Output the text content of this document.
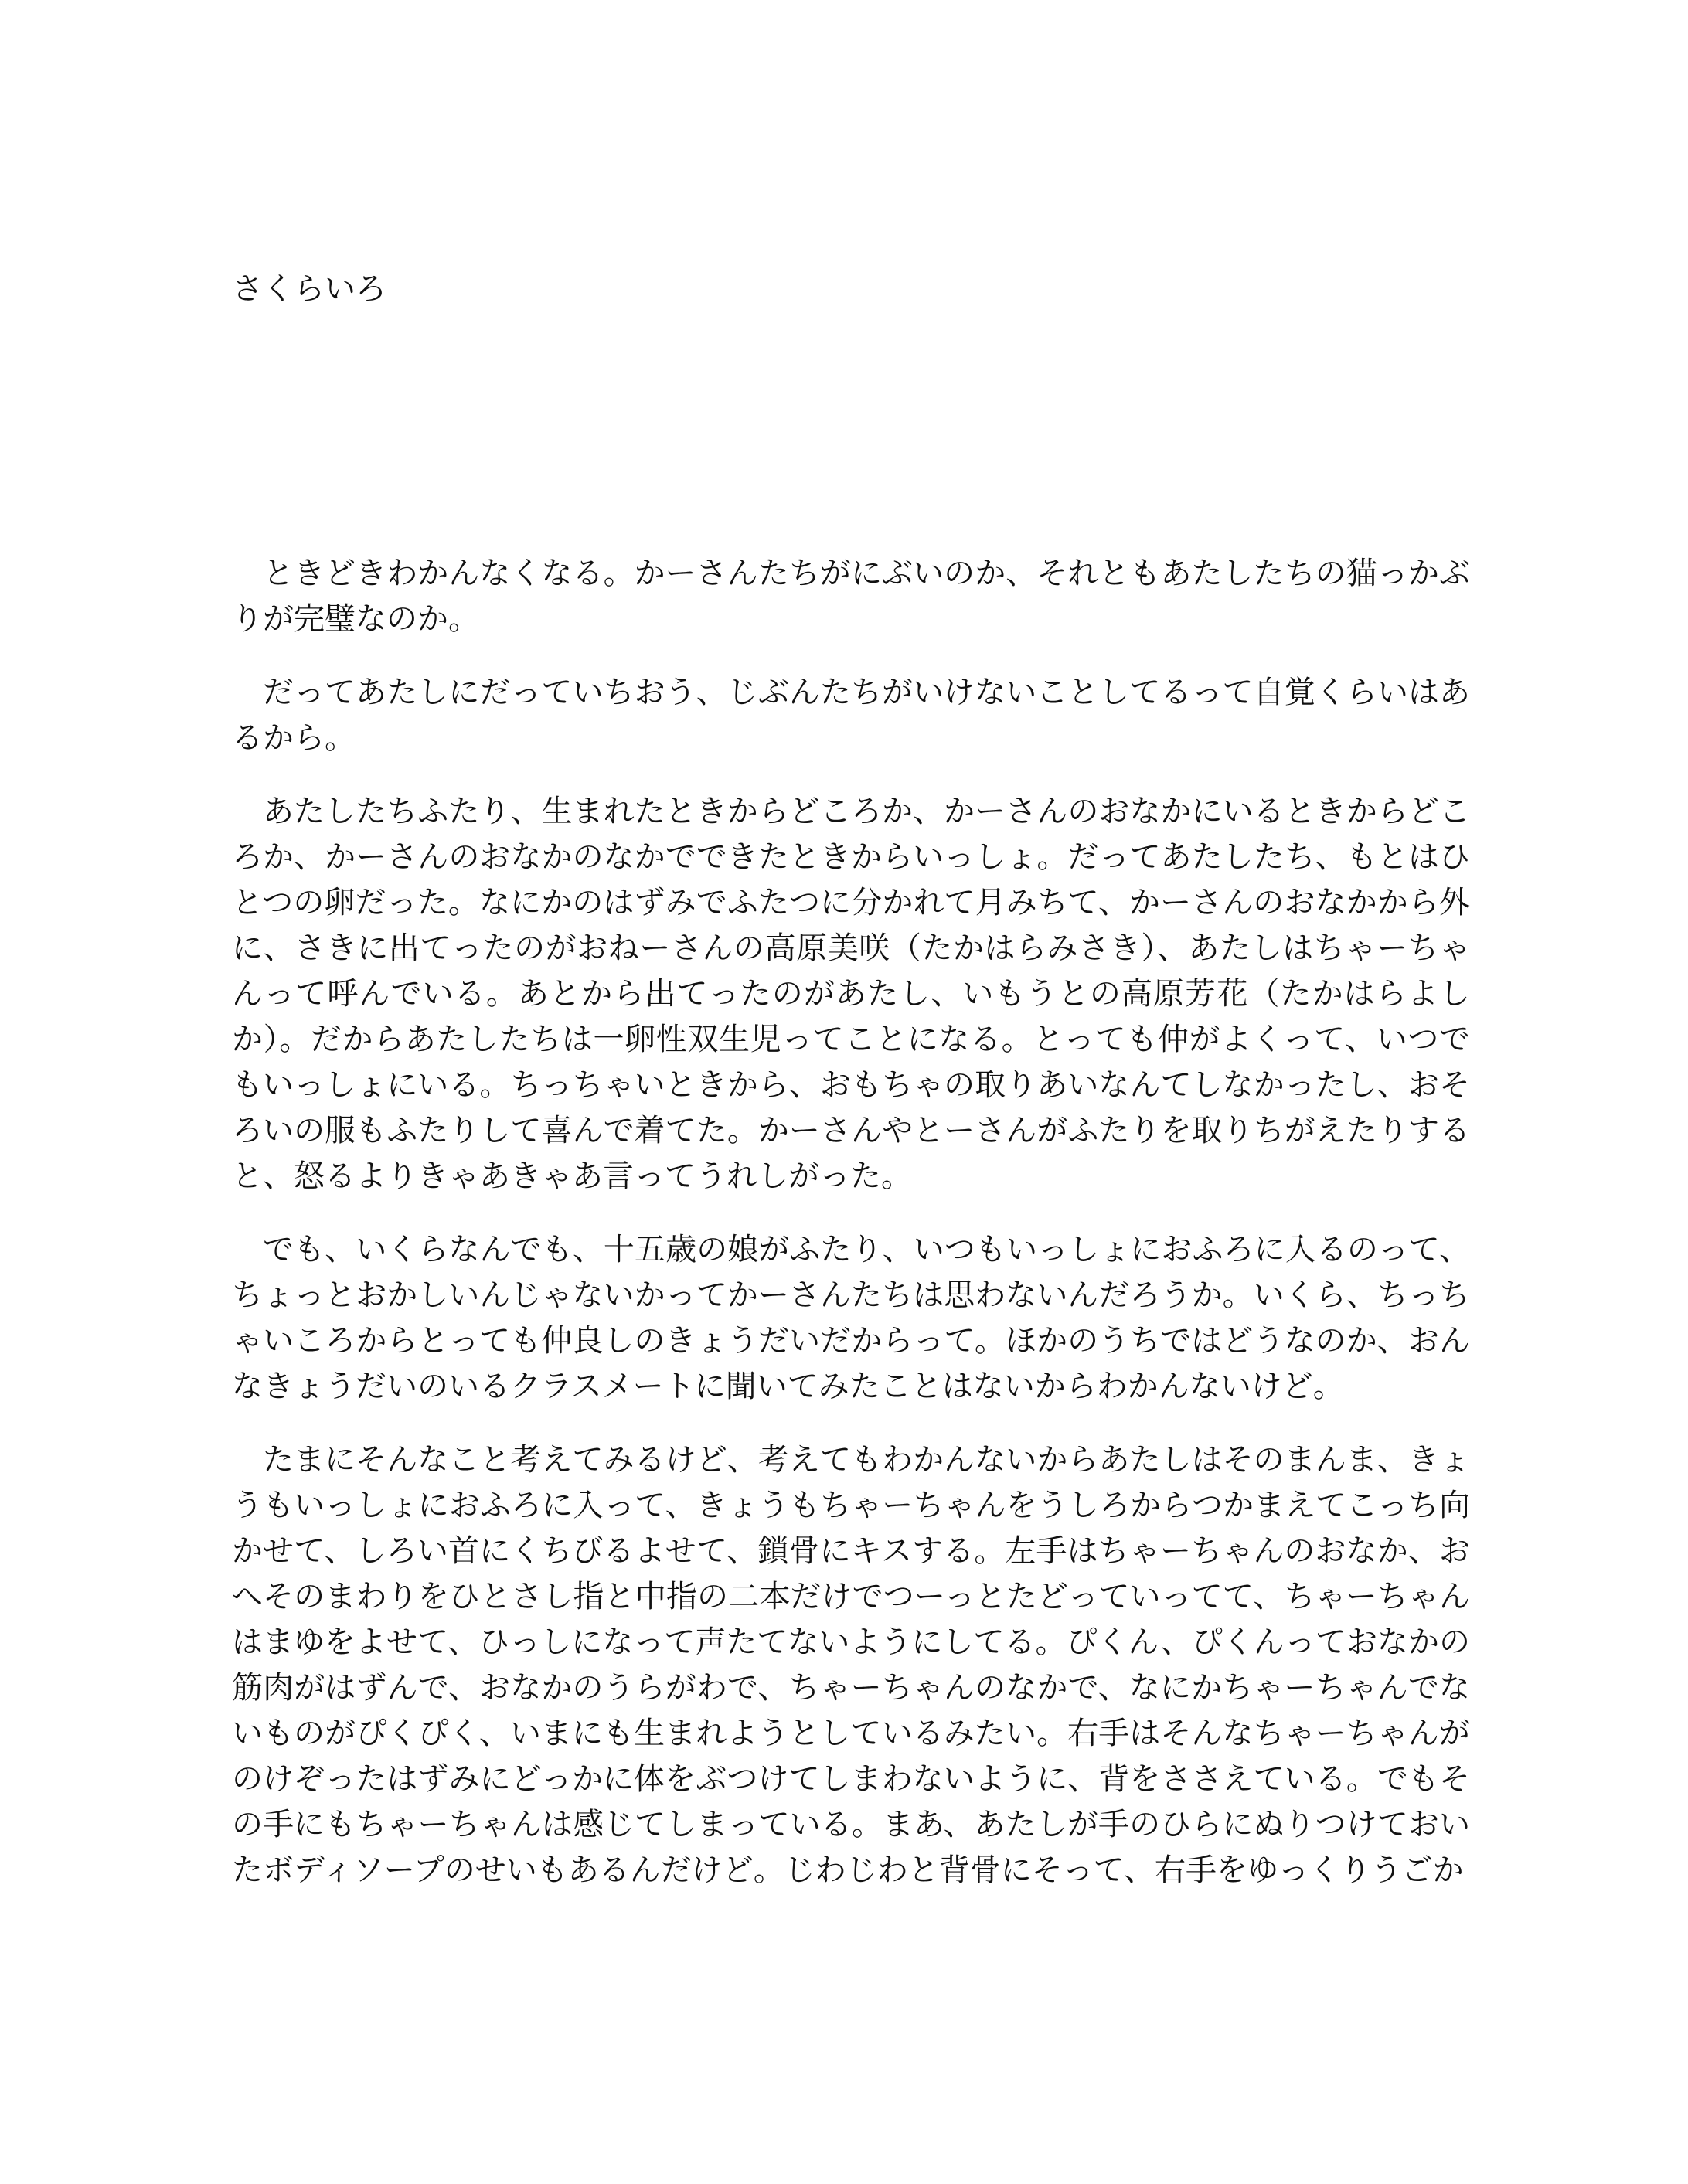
さくらいろ

ときどきわかんなくなる。かーさんたちがにぶいのか、それともあたしたちの猫っかぶりが完璧なのか。

だってあたしにだっていちおう、じぶんたちがいけないことしてるって自覚くらいはあるから。

あたしたちふたり、生まれたときからどころか、かーさんのおなかにいるときからどころか、かーさんのおなかのなかでできたときからいっしょ。だってあたしたち、もとはひとつの卵だった。なにかのはずみでふたつに分かれて月みちて、かーさんのおなかから外に、さきに出てったのがおねーさんの高原美咲（たかはらみさき）、あたしはちゃーちゃんって呼んでいる。あとから出てったのがあたし、いもうとの高原芳花（たかはらよしか）。だからあたしたちは一卵性双生児ってことになる。とっても仲がよくって、いつでもいっしょにいる。ちっちゃいときから、おもちゃの取りあいなんてしなかったし、おそろいの服もふたりして喜んで着てた。かーさんやとーさんがふたりを取りちがえたりすると、怒るよりきゃあきゃあ言ってうれしがった。

でも、いくらなんでも、十五歳の娘がふたり、いつもいっしょにおふろに入るのって、ちょっとおかしいんじゃないかってかーさんたちは思わないんだろうか。いくら、ちっちゃいころからとっても仲良しのきょうだいだからって。ほかのうちではどうなのか、おんなきょうだいのいるクラスメートに聞いてみたことはないからわかんないけど。

たまにそんなこと考えてみるけど、考えてもわかんないからあたしはそのまんま、きょうもいっしょにおふろに入って、きょうもちゃーちゃんをうしろからつかまえてこっち向かせて、しろい首にくちびるよせて、鎖骨にキスする。左手はちゃーちゃんのおなか、おへそのまわりをひとさし指と中指の二本だけでつーっとたどっていってて、ちゃーちゃんはまゆをよせて、ひっしになって声たてないようにしてる。ぴくん、ぴくんっておなかの筋肉がはずんで、おなかのうらがわで、ちゃーちゃんのなかで、なにかちゃーちゃんでないものがぴくぴく、いまにも生まれようとしているみたい。右手はそんなちゃーちゃんがのけぞったはずみにどっかに体をぶつけてしまわないように、背をささえている。でもその手にもちゃーちゃんは感じてしまっている。まあ、あたしが手のひらにぬりつけておいたボディソープのせいもあるんだけど。じわじわと背骨にそって、右手をゆっくりうごか
